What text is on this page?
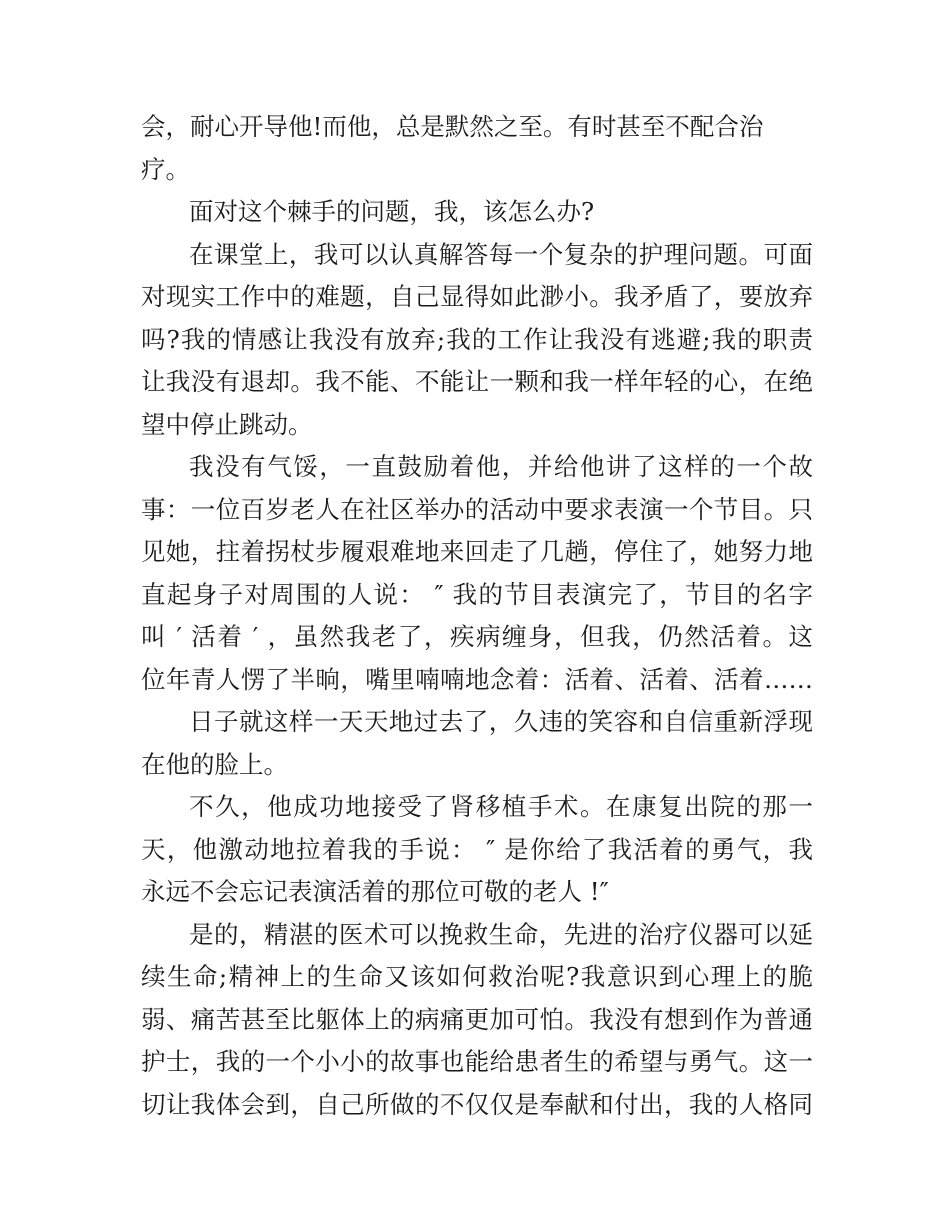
会，耐心开导他!而他，总是默然之至。有时甚至不配合治
疗。
面对这个棘手的问题，我，该怎么办?
在课堂上，我可以认真解答每一个复杂的护理问题。可面
对现实工作中的难题，自己显得如此渺小。我矛盾了，要放弃
吗?我的情感让我没有放弃;我的工作让我没有逃避;我的职责
让我没有退却。我不能、不能让一颗和我一样年轻的心，在绝
望中停止跳动。
我没有气馁，一直鼓励着他，并给他讲了这样的一个故
事：一位百岁老人在社区举办的活动中要求表演一个节目。只
见她，拄着拐杖步履艰难地来回走了几趟，停住了，她努力地
直起身子对周围的人说： ″ 我的节目表演完了，节目的名字
叫 ′ 活着 ′ ，虽然我老了，疾病缠身，但我，仍然活着。这
位年青人愣了半晌，嘴里喃喃地念着：活着、活着、活着……
日子就这样一天天地过去了，久违的笑容和自信重新浮现
在他的脸上。
不久，他成功地接受了肾移植手术。在康复出院的那一
天，他激动地拉着我的手说： ″ 是你给了我活着的勇气，我
永远不会忘记表演活着的那位可敬的老人 !″
是的，精湛的医术可以挽救生命，先进的治疗仪器可以延
续生命;精神上的生命又该如何救治呢?我意识到心理上的脆
弱、痛苦甚至比躯体上的病痛更加可怕。我没有想到作为普通
护士，我的一个小小的故事也能给患者生的希望与勇气。这一
切让我体会到，自己所做的不仅仅是奉献和付出，我的人格同
